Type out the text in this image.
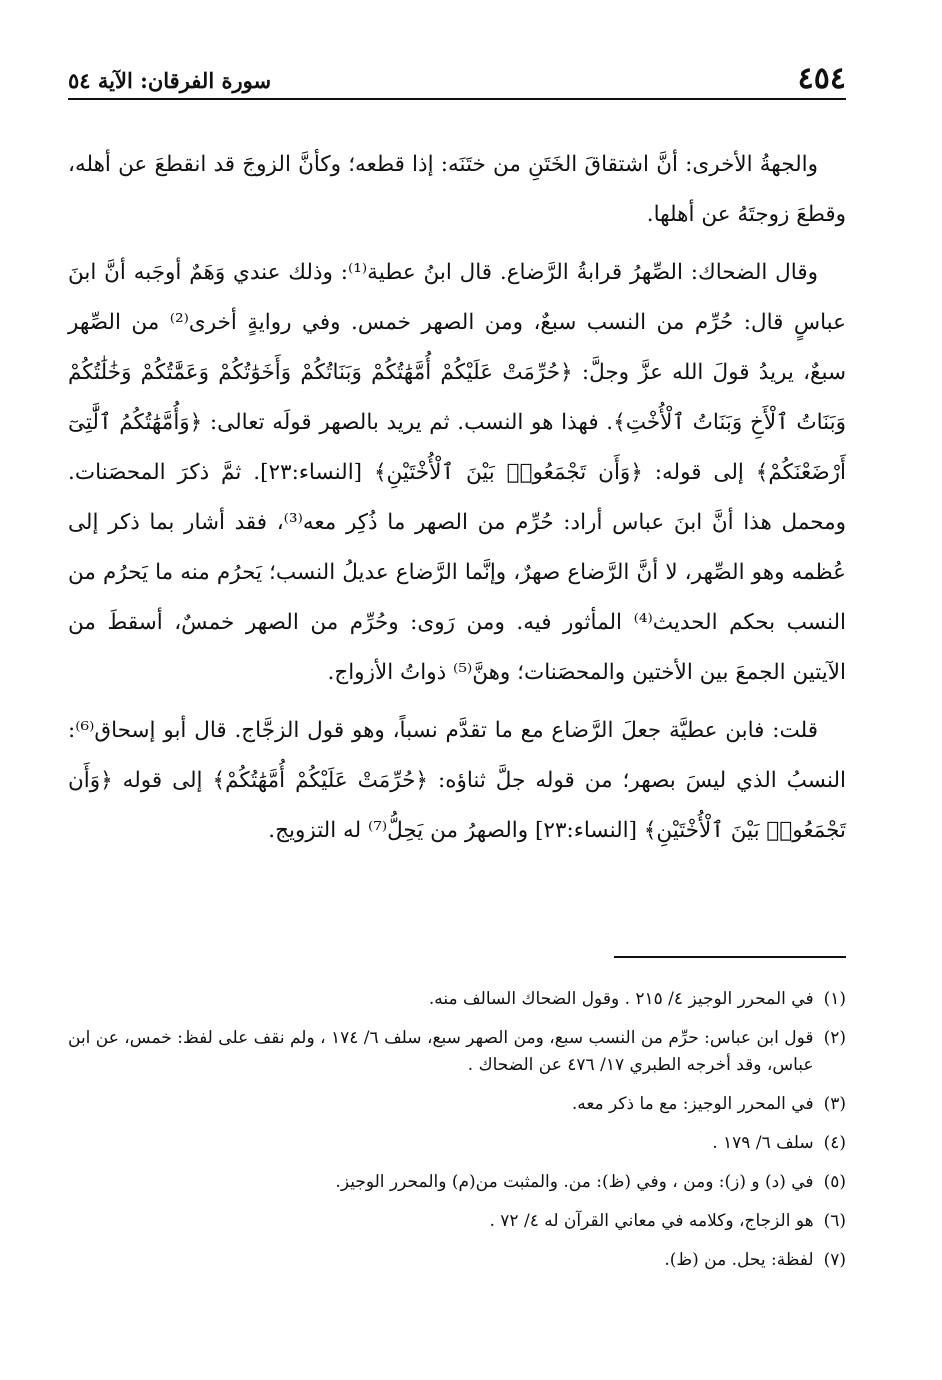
٤٥٤
سورة الفرقان: الآية ٥٤

والجهةُ الأخرى: أنَّ اشتقاقَ الخَتَنِ من ختَنَه: إذا قطعه؛ وكأنَّ الزوجَ قد انقطعَ عن أهله، وقطعَ زوجتَهُ عن أهلها.

وقال الضحاك: الصِّهرُ قرابةُ الرَّضاع. قال ابنُ عطية⁽¹⁾: وذلك عندي وَهَمٌ أوجَبه أنَّ ابنَ عباسٍ قال: حُرِّم من النسب سبعٌ، ومن الصهر خمس. وفي روايةٍ أخرى⁽²⁾ من الصِّهر سبعٌ، يريدُ قولَ الله عزَّ وجلَّ: ﴿حُرِّمَتْ عَلَيْكُمْ أُمَّهَٰتُكُمْ وَبَنَاتُكُمْ وَأَخَوَٰتُكُمْ وَعَمَّٰتُكُمْ وَخَٰلَٰتُكُمْ وَبَنَاتُ ٱلْأَخِ وَبَنَاتُ ٱلْأُخْتِ﴾. فهذا هو النسب. ثم يريد بالصهر قولَه تعالى: ﴿وَأُمَّهَٰتُكُمُ ٱلَّٰتِىٓ أَرْضَعْنَكُمْ﴾ إلى قوله: ﴿وَأَن تَجْمَعُوا۟ بَيْنَ ٱلْأُخْتَيْنِ﴾ [النساء:٢٣]. ثمَّ ذكرَ المحصَنات. ومحمل هذا أنَّ ابنَ عباس أراد: حُرِّم من الصهر ما ذُكِر معه⁽³⁾، فقد أشار بما ذكر إلى عُظمه وهو الصِّهر، لا أنَّ الرَّضاع صهرٌ، وإنَّما الرَّضاع عديلُ النسب؛ يَحرُم منه ما يَحرُم من النسب بحكم الحديث⁽⁴⁾ المأثور فيه. ومن رَوى: وحُرِّم من الصهر خمسٌ، أسقطَ من الآيتين الجمعَ بين الأختين والمحصَنات؛ وهنَّ⁽⁵⁾ ذواتُ الأزواج.

قلت: فابن عطيَّة جعلَ الرَّضاع مع ما تقدَّم نسباً، وهو قول الزجَّاج. قال أبو إسحاق⁽⁶⁾: النسبُ الذي ليسَ بصهر؛ من قوله جلَّ ثناؤه: ﴿حُرِّمَتْ عَلَيْكُمْ أُمَّهَٰتُكُمْ﴾ إلى قوله ﴿وَأَن تَجْمَعُوا۟ بَيْنَ ٱلْأُخْتَيْنِ﴾ [النساء:٢٣] والصهرُ من يَحِلُّ⁽⁷⁾ له التزويج.

(١)
في المحرر الوجيز ٤/ ٢١٥ . وقول الضحاك السالف منه.
(٢)
قول ابن عباس: حرِّم من النسب سبع، ومن الصهر سبع، سلف ٦/ ١٧٤ ، ولم نقف على لفظ: خمس، عن ابن عباس، وقد أخرجه الطبري ١٧/ ٤٧٦ عن الضحاك .
(٣)
في المحرر الوجيز: مع ما ذكر معه.
(٤)
سلف ٦/ ١٧٩ .
(٥)
في (د) و (ز): ومن ، وفي (ظ): من. والمثبت من(م) والمحرر الوجيز.
(٦)
هو الزجاج، وكلامه في معاني القرآن له ٤/ ٧٢ .
(٧)
لفظة: يحل. من (ظ).
